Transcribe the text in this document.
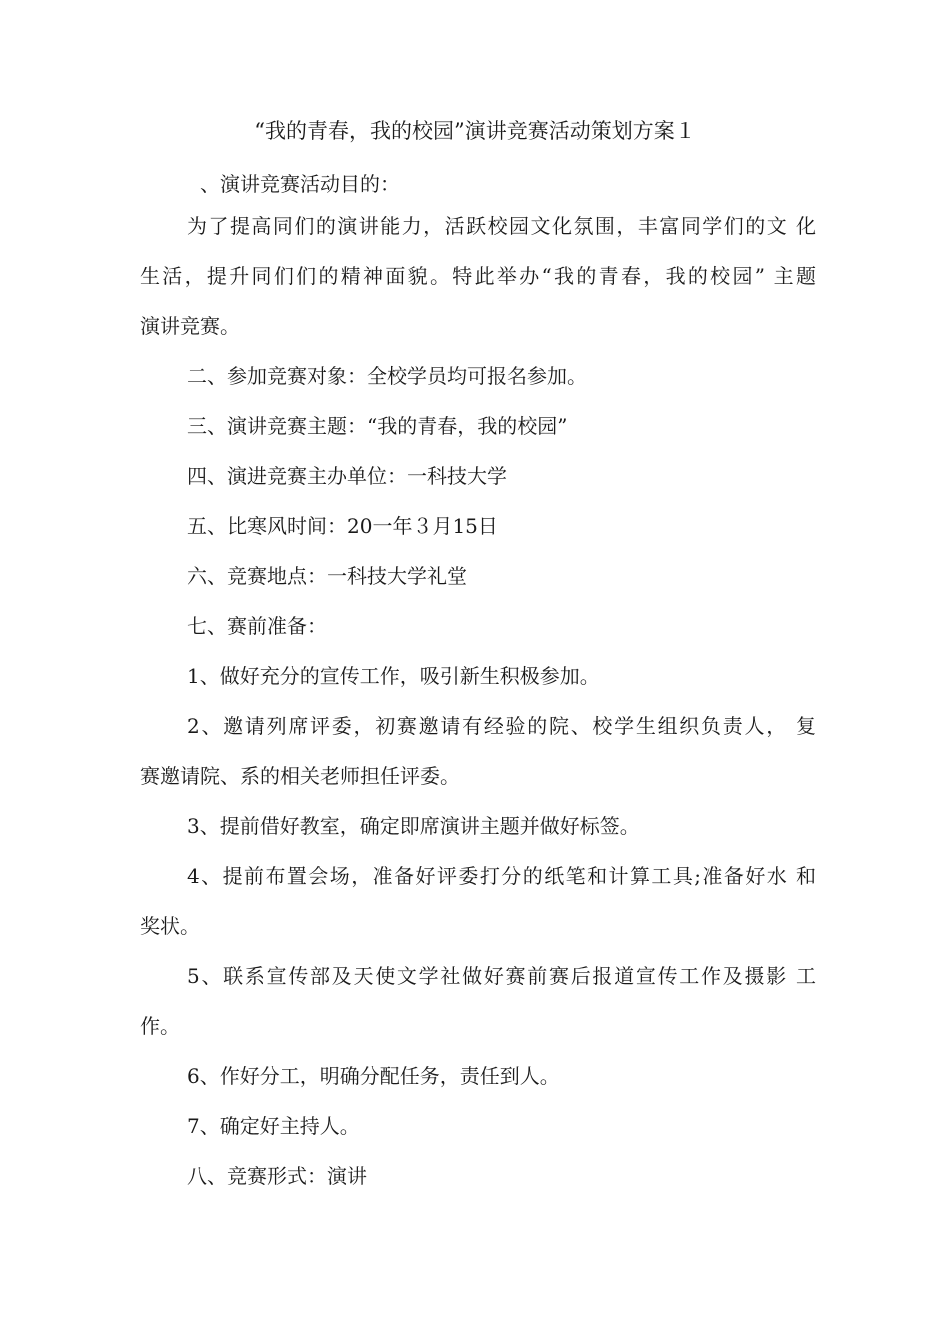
“我的青春，我的校园”演讲竞赛活动策划方案１

、演讲竞赛活动目的：

为了提高同们的演讲能力，活跃校园文化氛围，丰富同学们的文 化

生活，提升同们们的精神面貌。特此举办“我的青春，我的校园” 主题

演讲竞赛。

二、参加竞赛对象：全校学员均可报名参加。

三、演讲竞赛主题：“我的青春，我的校园”

四、演进竞赛主办单位：一科技大学

五、比寒风时间：20一年３月15日

六、竞赛地点：一科技大学礼堂

七、赛前准备：

1、做好充分的宣传工作，吸引新生积极参加。

2、邀请列席评委，初赛邀请有经验的院、校学生组织负责人， 复

赛邀请院、系的相关老师担任评委。

3、提前借好教室，确定即席演讲主题并做好标签。

4、提前布置会场，准备好评委打分的纸笔和计算工具;准备好水 和

奖状。

5、联系宣传部及天使文学社做好赛前赛后报道宣传工作及摄影 工

作。

6、作好分工，明确分配任务，责任到人。

7、确定好主持人。

八、竞赛形式：演讲
